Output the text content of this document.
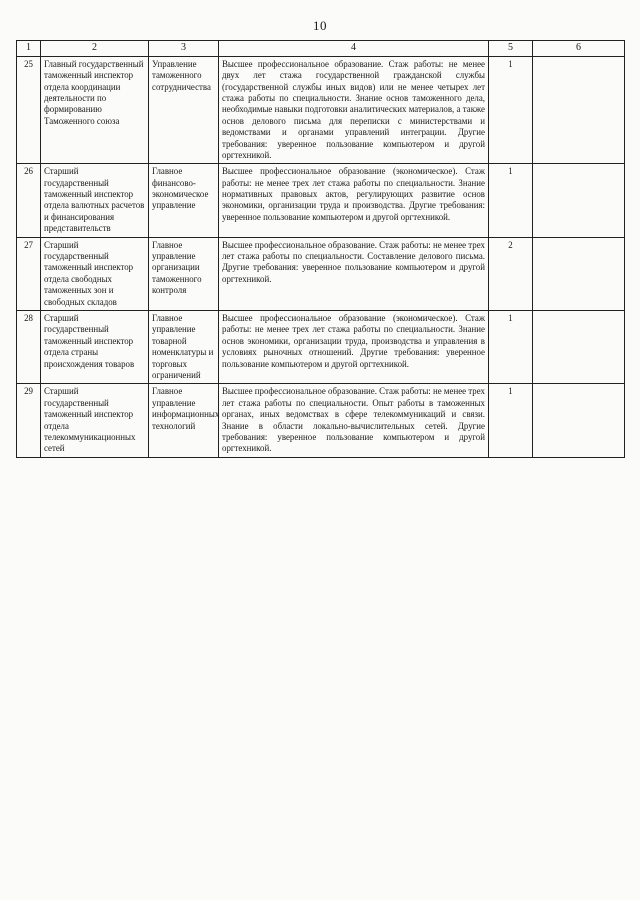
10
1	2	3	4	5	6
25	Главный государственный таможенный инспектор отдела координации деятельности по формированию Таможенного союза	Управление таможенного сотрудничества	Высшее профессиональное образование. Стаж работы: не менее двух лет стажа государственной гражданской службы (государственной службы иных видов) или не менее четырех лет стажа работы по специальности. Знание основ таможенного дела, необходимые навыки подготовки аналитических материалов, а также основ делового письма для переписки с министерствами и ведомствами и органами управлений интеграции. Другие требования: уверенное пользование компьютером и другой оргтехникой.	1	
26	Старший государственный таможенный инспектор отдела валютных расчетов и финансирования представительств	Главное финансово-экономическое управление	Высшее профессиональное образование (экономическое). Стаж работы: не менее трех лет стажа работы по специальности. Знание нормативных правовых актов, регулирующих развитие основ экономики, организации труда и производства. Другие требования: уверенное пользование компьютером и другой оргтехникой.	1	
27	Старший государственный таможенный инспектор отдела свободных таможенных зон и свободных складов	Главное управление организации таможенного контроля	Высшее профессиональное образование. Стаж работы: не менее трех лет стажа работы по специальности. Составление делового письма. Другие требования: уверенное пользование компьютером и другой оргтехникой.	2	
28	Старший государственный таможенный инспектор отдела страны происхождения товаров	Главное управление товарной номенклатуры и торговых ограничений	Высшее профессиональное образование (экономическое). Стаж работы: не менее трех лет стажа работы по специальности. Знание основ экономики, организации труда, производства и управления в условиях рыночных отношений. Другие требования: уверенное пользование компьютером и другой оргтехникой.	1	
29	Старший государственный таможенный инспектор отдела телекоммуникационных сетей	Главное управление информационных технологий	Высшее профессиональное образование. Стаж работы: не менее трех лет стажа работы по специальности. Опыт работы в таможенных органах, иных ведомствах в сфере телекоммуникаций и связи. Знание в области локально-вычислительных сетей. Другие требования: уверенное пользование компьютером и другой оргтехникой.	1	
